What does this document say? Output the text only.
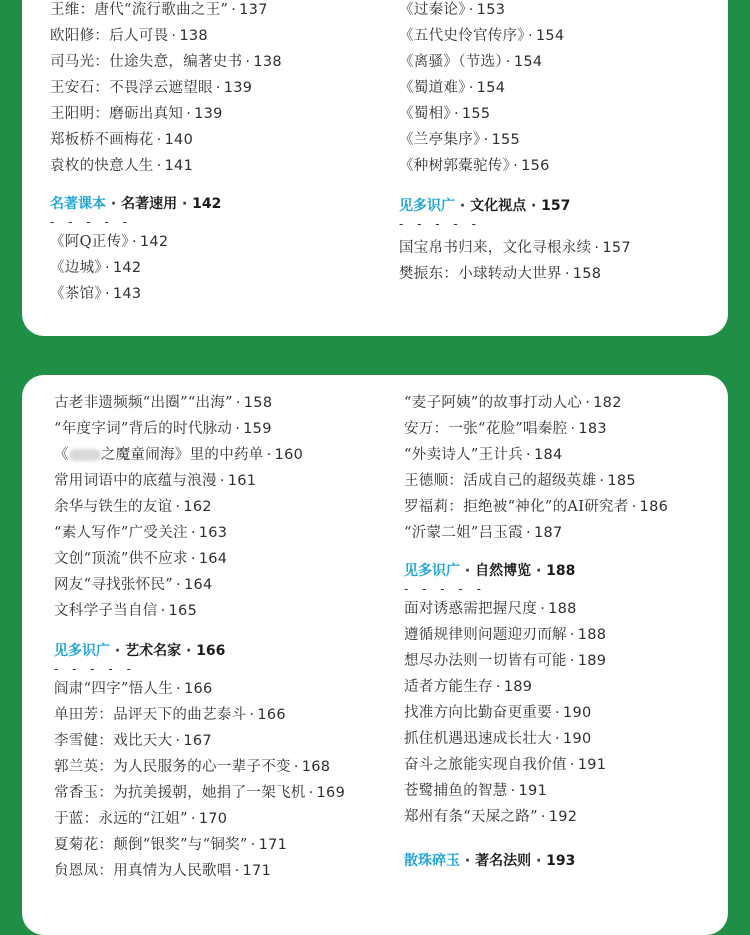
王维：唐代“流行歌曲之王” · 137
欧阳修：后人可畏 · 138
司马光：仕途失意，编著史书 · 138
王安石：不畏浮云遮望眼 · 139
王阳明：磨砺出真知 · 139
郑板桥不画梅花 · 140
袁枚的快意人生 · 141
名著课本 · 名著速用 · 142
- - - - -
《阿Q正传》 · 142
《边城》 · 142
《茶馆》 · 143
《过秦论》 · 153
《五代史伶官传序》 · 154
《离骚》（节选） · 154
《蜀道难》 · 154
《蜀相》 · 155
《兰亭集序》 · 155
《种树郭橐驼传》 · 156
见多识广 · 文化视点 · 157
- - - - -
国宝帛书归来，文化寻根永续 · 157
樊振东：小球转动大世界 · 158
古老非遗频频“出圈”“出海” · 158
“年度字词”背后的时代脉动 · 159
《 之魔童闹海》里的中药单 · 160
常用词语中的底蕴与浪漫 · 161
余华与铁生的友谊 · 162
“素人写作”广受关注 · 163
文创“顶流”供不应求 · 164
网友“寻找张怀民” · 164
文科学子当自信 · 165
见多识广 · 艺术名家 · 166
- - - - -
阎肃“四字”悟人生 · 166
单田芳：品评天下的曲艺泰斗 · 166
李雪健：戏比天大 · 167
郭兰英：为人民服务的心一辈子不变 · 168
常香玉：为抗美援朝，她捐了一架飞机 · 169
于蓝：永远的“江姐” · 170
夏菊花：颠倒“银奖”与“铜奖” · 171
贠恩凤：用真情为人民歌唱 · 171
“麦子阿姨”的故事打动人心 · 182
安万：一张“花脸”唱秦腔 · 183
“外卖诗人”王计兵 · 184
王德顺：活成自己的超级英雄 · 185
罗福莉：拒绝被“神化”的AI研究者 · 186
“沂蒙二姐”吕玉霞 · 187
见多识广 · 自然博览 · 188
- - - - -
面对诱惑需把握尺度 · 188
遵循规律则问题迎刃而解 · 188
想尽办法则一切皆有可能 · 189
适者方能生存 · 189
找准方向比勤奋更重要 · 190
抓住机遇迅速成长壮大 · 190
奋斗之旅能实现自我价值 · 191
苍鹭捕鱼的智慧 · 191
郑州有条“天屎之路” · 192
散珠碎玉 · 著名法则 · 193
